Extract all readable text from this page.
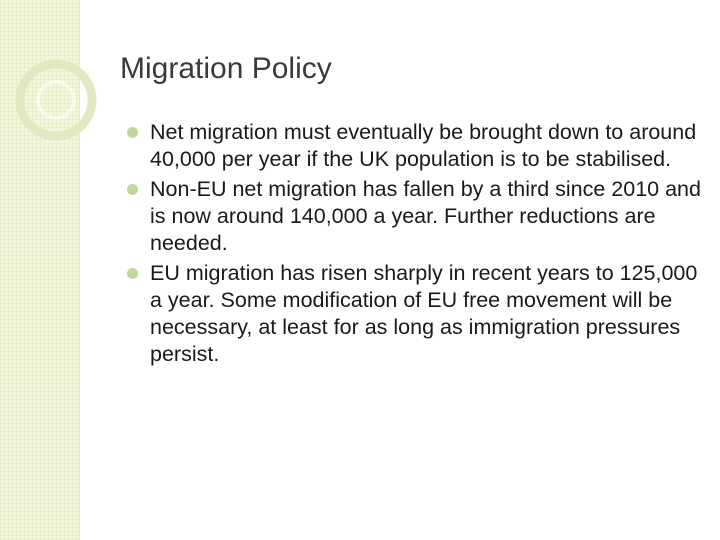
Migration Policy
Net migration must eventually be brought down to around 40,000 per year if the UK population is to be stabilised.
Non-EU net migration has fallen by a third since 2010 and is now around 140,000 a year. Further reductions are needed.
EU migration has risen sharply in recent years to 125,000 a year. Some modification of EU free movement will be necessary, at least for as long as immigration pressures persist.
